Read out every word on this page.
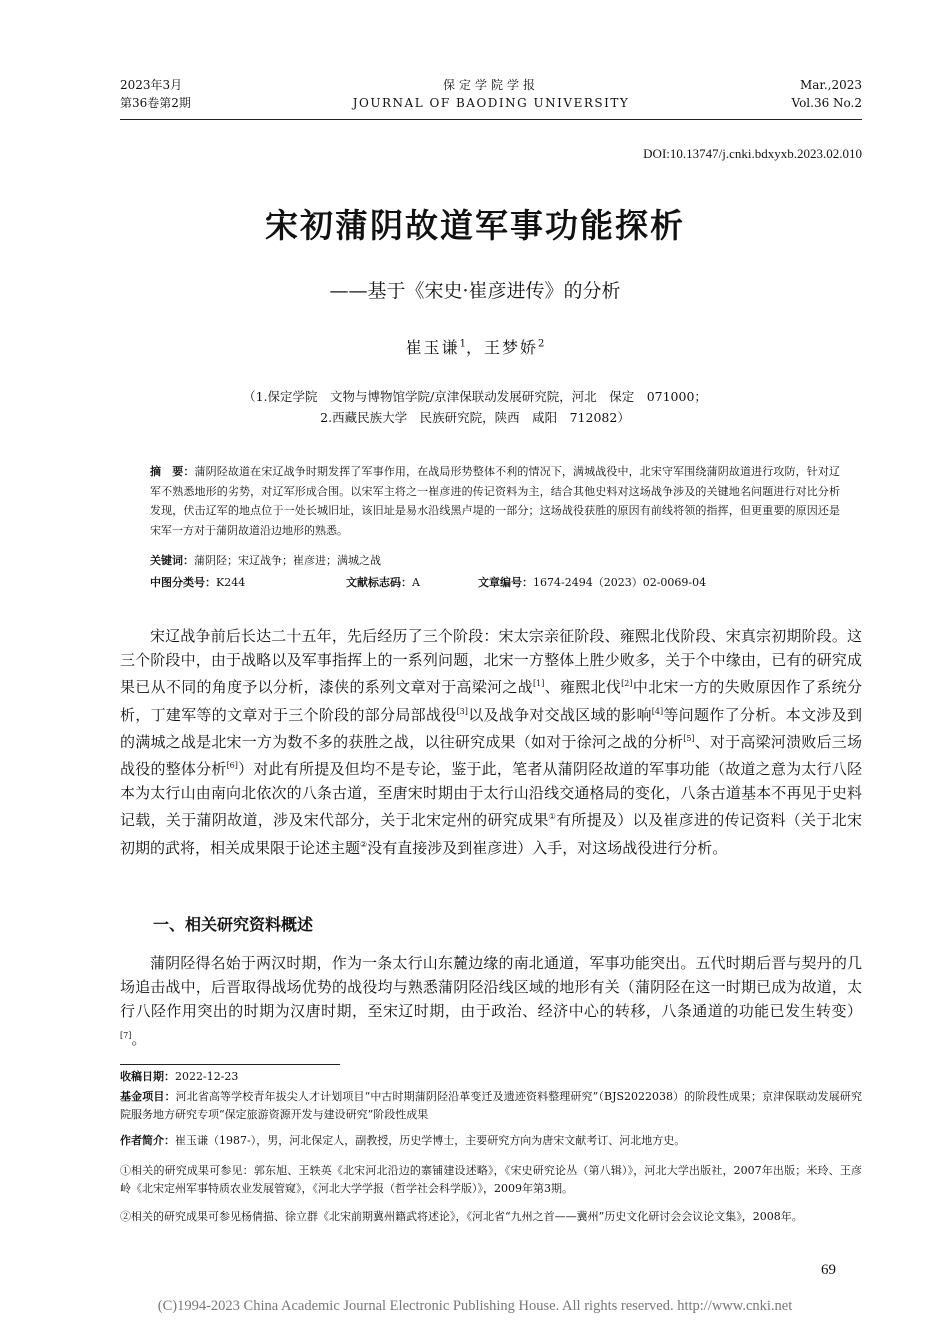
2023年3月
第36卷第2期
保定学院学报
JOURNAL OF BAODING UNIVERSITY
Mar.,2023
Vol.36 No.2
DOI:10.13747/j.cnki.bdxyxb.2023.02.010
宋初蒲阴故道军事功能探析
——基于《宋史·崔彦进传》的分析
崔玉谦$^1$，王梦娇$^2$
（1.保定学院　文物与博物馆学院/京津保联动发展研究院，河北　保定　071000；
2.西藏民族大学　民族研究院，陕西　咸阳　712082）
摘　要：蒲阴陉故道在宋辽战争时期发挥了军事作用，在战局形势整体不利的情况下，满城战役中，北宋守军围绕蒲阴故道进行攻防，针对辽军不熟悉地形的劣势，对辽军形成合围。以宋军主将之一崔彦进的传记资料为主，结合其他史料对这场战争涉及的关键地名问题进行对比分析发现，伏击辽军的地点位于一处长城旧址，该旧址是易水沿线黑卢堤的一部分；这场战役获胜的原因有前线将领的指挥，但更重要的原因还是宋军一方对于蒲阴故道沿边地形的熟悉。
关键词：蒲阴陉；宋辽战争；崔彦进；满城之战
中图分类号：K244	文献标志码：A	文章编号：1674-2494（2023）02-0069-04
宋辽战争前后长达二十五年，先后经历了三个阶段：宋太宗亲征阶段、雍熙北伐阶段、宋真宗初期阶段。这三个阶段中，由于战略以及军事指挥上的一系列问题，北宋一方整体上胜少败多，关于个中缘由，已有的研究成果已从不同的角度予以分析，漆侠的系列文章对于高梁河之战[1]、雍熙北伐[2]中北宋一方的失败原因作了系统分析，丁建军等的文章对于三个阶段的部分局部战役[3]以及战争对交战区域的影响[4]等问题作了分析。本文涉及到的满城之战是北宋一方为数不多的获胜之战，以往研究成果（如对于徐河之战的分析[5]、对于高梁河溃败后三场战役的整体分析[6]）对此有所提及但均不是专论，鉴于此，笔者从蒲阴陉故道的军事功能（故道之意为太行八陉本为太行山由南向北依次的八条古道，至唐宋时期由于太行山沿线交通格局的变化，八条古道基本不再见于史料记载，关于蒲阴故道，涉及宋代部分，关于北宋定州的研究成果①有所提及）以及崔彦进的传记资料（关于北宋初期的武将，相关成果限于论述主题②没有直接涉及到崔彦进）入手，对这场战役进行分析。
一、相关研究资料概述
蒲阴陉得名始于两汉时期，作为一条太行山东麓边缘的南北通道，军事功能突出。五代时期后晋与契丹的几场追击战中，后晋取得战场优势的战役均与熟悉蒲阴陉沿线区域的地形有关（蒲阴陉在这一时期已成为故道，太行八陉作用突出的时期为汉唐时期，至宋辽时期，由于政治、经济中心的转移，八条通道的功能已发生转变）[7]。
收稿日期：2022-12-23
基金项目：河北省高等学校青年拔尖人才计划项目“中古时期蒲阴陉沿革变迁及遗迹资料整理研究”（BJS2022038）的阶段性成果；京津保联动发展研究院服务地方研究专项“保定旅游资源开发与建设研究”阶段性成果
作者简介：崔玉谦（1987-），男，河北保定人，副教授，历史学博士，主要研究方向为唐宋文献考订、河北地方史。
①相关的研究成果可参见：郭东旭、王轶英《北宋河北沿边的寨铺建设述略》，《宋史研究论丛（第八辑）》，河北大学出版社，2007年出版；米玲、王彦岭《北宋定州军事特质农业发展管窥》，《河北大学学报（哲学社会科学版）》，2009年第3期。
②相关的研究成果可参见杨倩描、徐立群《北宋前期冀州籍武将述论》，《河北省“九州之首——冀州”历史文化研讨会会议论文集》，2008年。
69
(C)1994-2023 China Academic Journal Electronic Publishing House. All rights reserved. http://www.cnki.net
